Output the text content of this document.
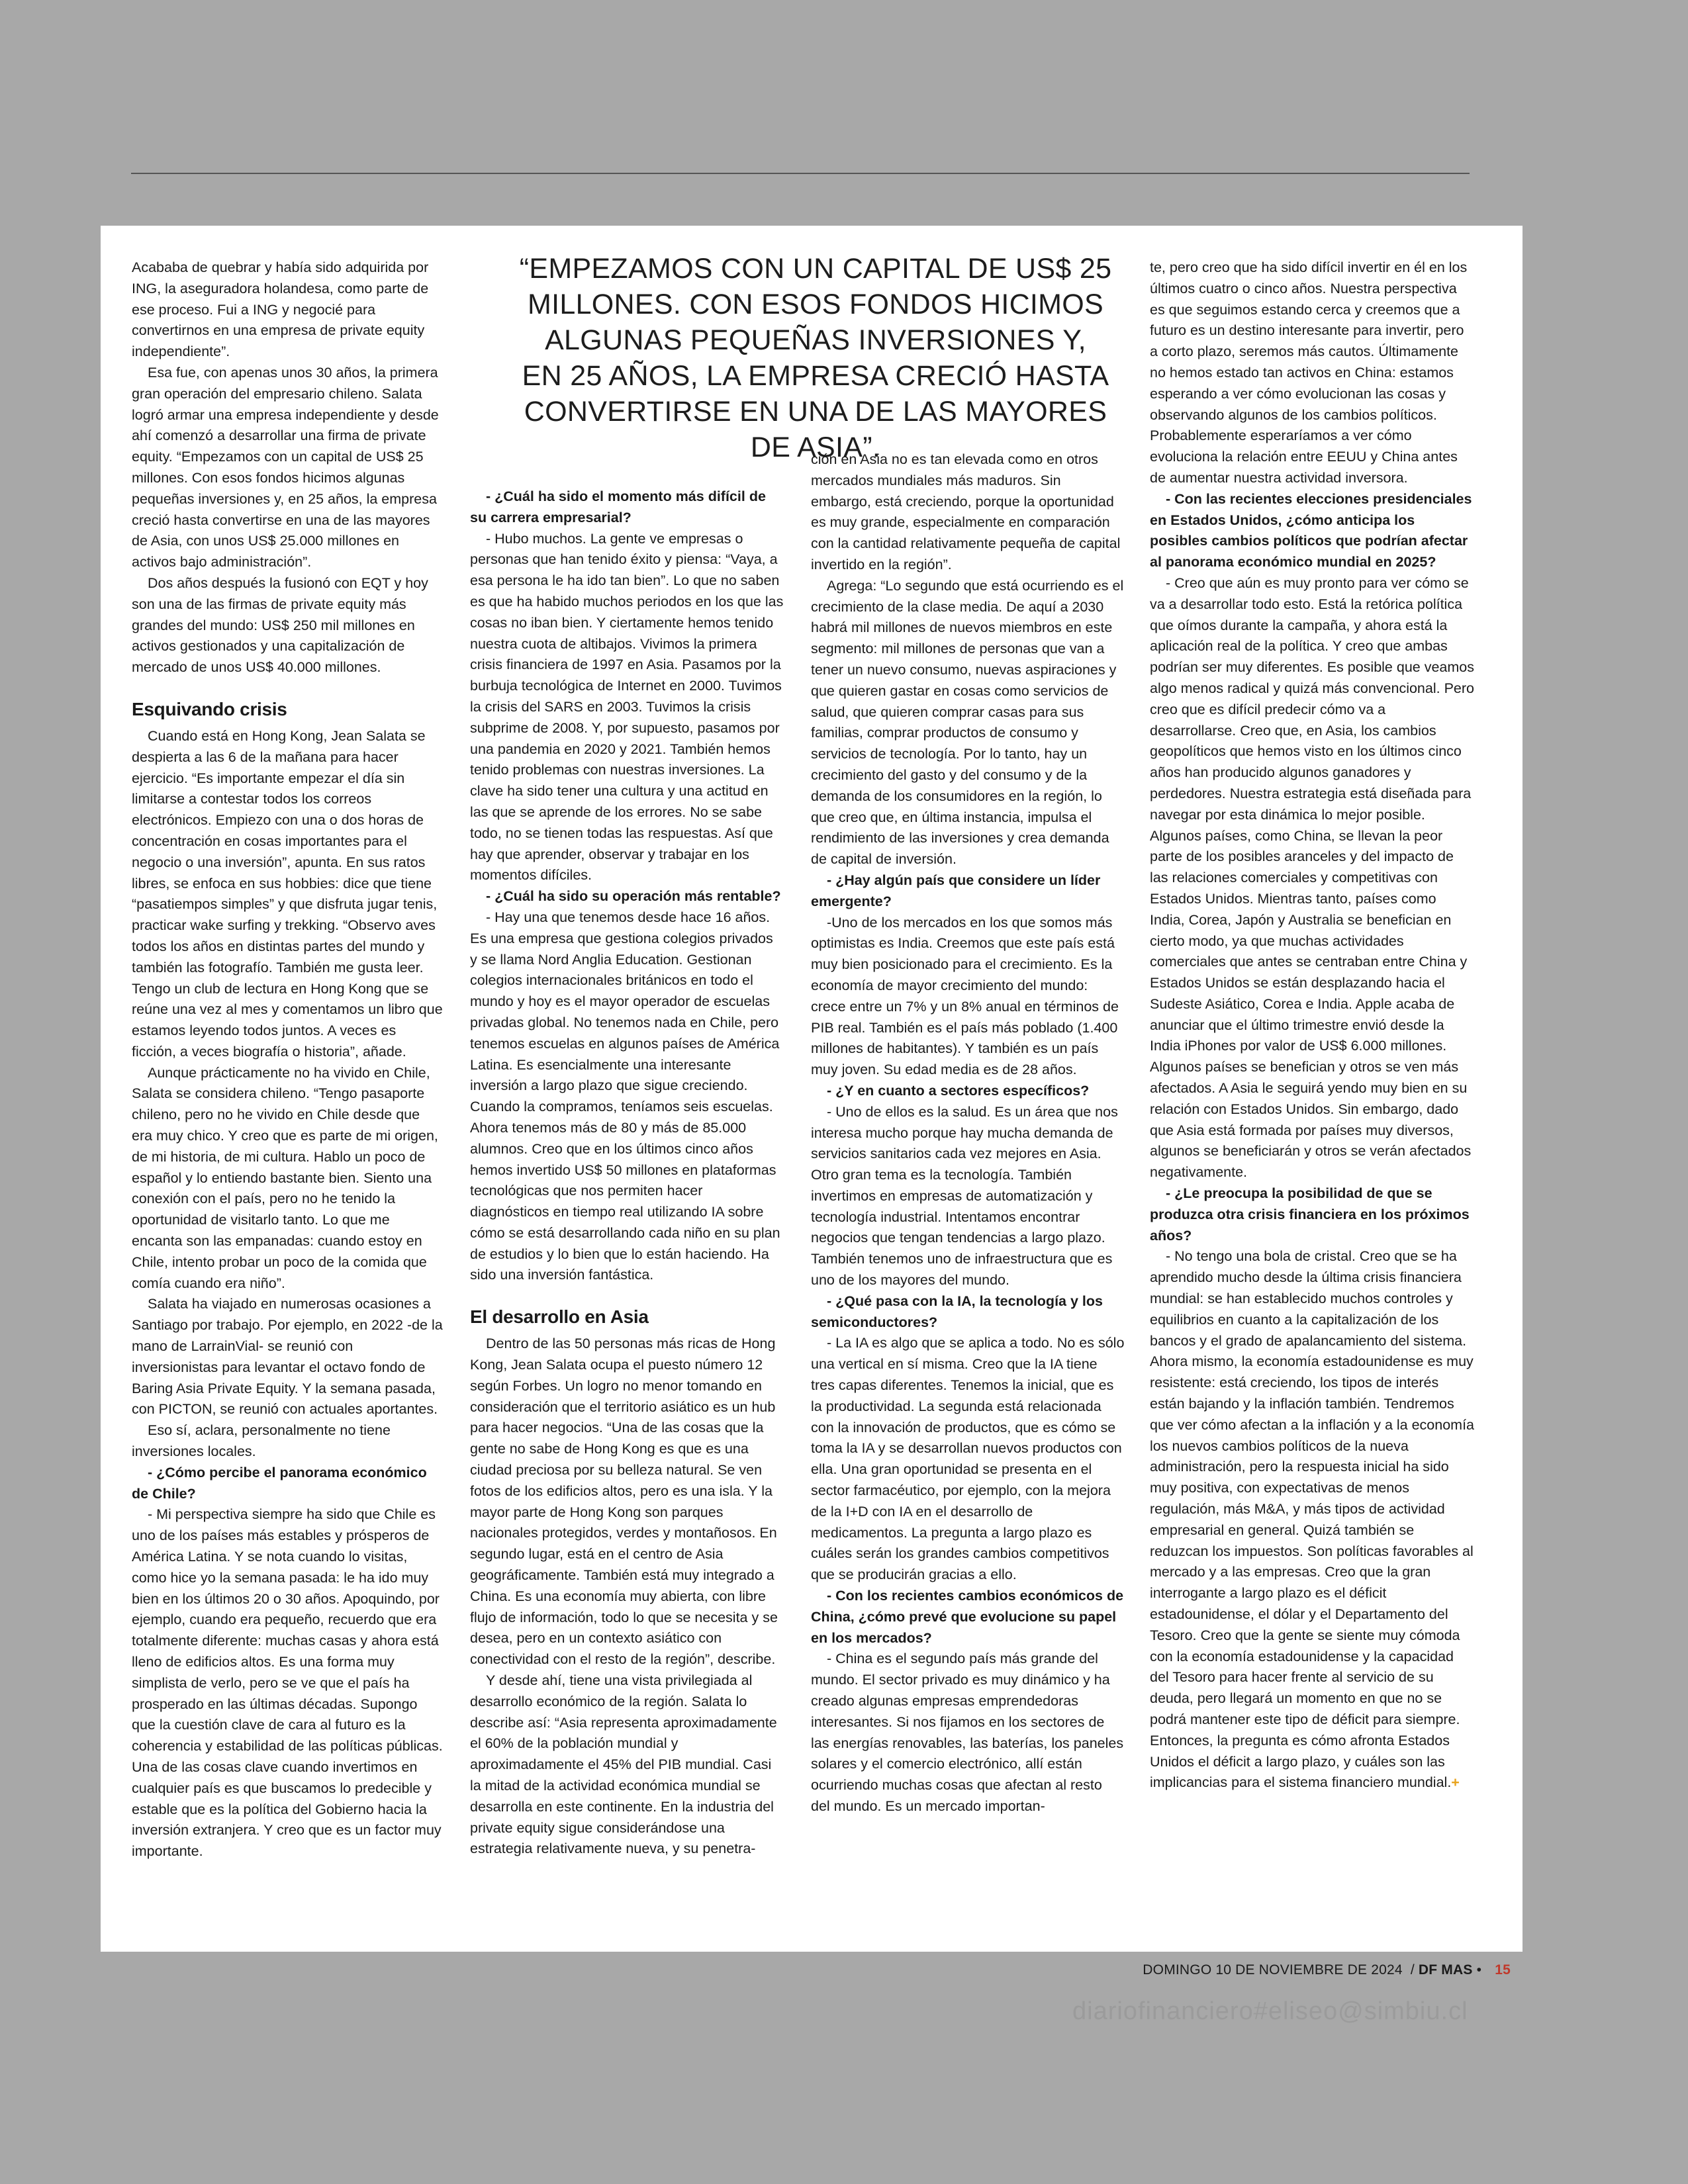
“EMPEZAMOS CON UN CAPITAL DE US$ 25
MILLONES. CON ESOS FONDOS HICIMOS
ALGUNAS PEQUEÑAS INVERSIONES Y,
EN 25 AÑOS, LA EMPRESA CRECIÓ HASTA
CONVERTIRSE EN UNA DE LAS MAYORES
DE ASIA”.

Acababa de quebrar y había sido adquirida por ING, la aseguradora holandesa, como parte de ese proceso. Fui a ING y negocié para convertirnos en una empresa de private equity independiente”.

Esa fue, con apenas unos 30 años, la primera gran operación del empresario chileno. Salata logró armar una empresa independiente y desde ahí comenzó a desarrollar una firma de private equity. “Empezamos con un capital de US$ 25 millones. Con esos fondos hicimos algunas pequeñas inversiones y, en 25 años, la empresa creció hasta convertirse en una de las mayores de Asia, con unos US$ 25.000 millones en activos bajo administración”.

Dos años después la fusionó con EQT y hoy son una de las firmas de private equity más grandes del mundo: US$ 250 mil millones en activos gestionados y una capitalización de mercado de unos US$ 40.000 millones.

Esquivando crisis

Cuando está en Hong Kong, Jean Salata se despierta a las 6 de la mañana para hacer ejercicio. “Es importante empezar el día sin limitarse a contestar todos los correos electrónicos. Empiezo con una o dos horas de concentración en cosas importantes para el negocio o una inversión”, apunta. En sus ratos libres, se enfoca en sus hobbies: dice que tiene “pasatiempos simples” y que disfruta jugar tenis, practicar wake surfing y trekking. “Observo aves todos los años en distintas partes del mundo y también las fotografío. También me gusta leer. Tengo un club de lectura en Hong Kong que se reúne una vez al mes y comentamos un libro que estamos leyendo todos juntos. A veces es ficción, a veces biografía o historia”, añade.

Aunque prácticamente no ha vivido en Chile, Salata se considera chileno. “Tengo pasaporte chileno, pero no he vivido en Chile desde que era muy chico. Y creo que es parte de mi origen, de mi historia, de mi cultura. Hablo un poco de español y lo entiendo bastante bien. Siento una conexión con el país, pero no he tenido la oportunidad de visitarlo tanto. Lo que me encanta son las empanadas: cuando estoy en Chile, intento probar un poco de la comida que comía cuando era niño”.

Salata ha viajado en numerosas ocasiones a Santiago por trabajo. Por ejemplo, en 2022 -de la mano de LarrainVial- se reunió con inversionistas para levantar el octavo fondo de Baring Asia Private Equity. Y la semana pasada, con PICTON, se reunió con actuales aportantes.

Eso sí, aclara, personalmente no tiene inversiones locales.

- ¿Cómo percibe el panorama económico de Chile?

- Mi perspectiva siempre ha sido que Chile es uno de los países más estables y prósperos de América Latina. Y se nota cuando lo visitas, como hice yo la semana pasada: le ha ido muy bien en los últimos 20 o 30 años. Apoquindo, por ejemplo, cuando era pequeño, recuerdo que era totalmente diferente: muchas casas y ahora está lleno de edificios altos. Es una forma muy simplista de verlo, pero se ve que el país ha prosperado en las últimas décadas. Supongo que la cuestión clave de cara al futuro es la coherencia y estabilidad de las políticas públicas. Una de las cosas clave cuando invertimos en cualquier país es que buscamos lo predecible y estable que es la política del Gobierno hacia la inversión extranjera. Y creo que es un factor muy importante.

- ¿Cuál ha sido el momento más difícil de su carrera empresarial?

- Hubo muchos. La gente ve empresas o personas que han tenido éxito y piensa: “Vaya, a esa persona le ha ido tan bien”. Lo que no saben es que ha habido muchos periodos en los que las cosas no iban bien. Y ciertamente hemos tenido nuestra cuota de altibajos. Vivimos la primera crisis financiera de 1997 en Asia. Pasamos por la burbuja tecnológica de Internet en 2000. Tuvimos la crisis del SARS en 2003. Tuvimos la crisis subprime de 2008. Y, por supuesto, pasamos por una pandemia en 2020 y 2021. También hemos tenido problemas con nuestras inversiones. La clave ha sido tener una cultura y una actitud en las que se aprende de los errores. No se sabe todo, no se tienen todas las respuestas. Así que hay que aprender, observar y trabajar en los momentos difíciles.

- ¿Cuál ha sido su operación más rentable?

- Hay una que tenemos desde hace 16 años. Es una empresa que gestiona colegios privados y se llama Nord Anglia Education. Gestionan colegios internacionales británicos en todo el mundo y hoy es el mayor operador de escuelas privadas global. No tenemos nada en Chile, pero tenemos escuelas en algunos países de América Latina. Es esencialmente una interesante inversión a largo plazo que sigue creciendo. Cuando la compramos, teníamos seis escuelas. Ahora tenemos más de 80 y más de 85.000 alumnos. Creo que en los últimos cinco años hemos invertido US$ 50 millones en plataformas tecnológicas que nos permiten hacer diagnósticos en tiempo real utilizando IA sobre cómo se está desarrollando cada niño en su plan de estudios y lo bien que lo están haciendo. Ha sido una inversión fantástica.

El desarrollo en Asia

Dentro de las 50 personas más ricas de Hong Kong, Jean Salata ocupa el puesto número 12 según Forbes. Un logro no menor tomando en consideración que el territorio asiático es un hub para hacer negocios. “Una de las cosas que la gente no sabe de Hong Kong es que es una ciudad preciosa por su belleza natural. Se ven fotos de los edificios altos, pero es una isla. Y la mayor parte de Hong Kong son parques nacionales protegidos, verdes y montañosos. En segundo lugar, está en el centro de Asia geográficamente. También está muy integrado a China. Es una economía muy abierta, con libre flujo de información, todo lo que se necesita y se desea, pero en un contexto asiático con conectividad con el resto de la región”, describe.

Y desde ahí, tiene una vista privilegiada al desarrollo económico de la región. Salata lo describe así: “Asia representa aproximadamente el 60% de la población mundial y aproximadamente el 45% del PIB mundial. Casi la mitad de la actividad económica mundial se desarrolla en este continente. En la industria del private equity sigue considerándose una estrategia relativamente nueva, y su penetra-

ción en Asia no es tan elevada como en otros mercados mundiales más maduros. Sin embargo, está creciendo, porque la oportunidad es muy grande, especialmente en comparación con la cantidad relativamente pequeña de capital invertido en la región”.

Agrega: “Lo segundo que está ocurriendo es el crecimiento de la clase media. De aquí a 2030 habrá mil millones de nuevos miembros en este segmento: mil millones de personas que van a tener un nuevo consumo, nuevas aspiraciones y que quieren gastar en cosas como servicios de salud, que quieren comprar casas para sus familias, comprar productos de consumo y servicios de tecnología. Por lo tanto, hay un crecimiento del gasto y del consumo y de la demanda de los consumidores en la región, lo que creo que, en última instancia, impulsa el rendimiento de las inversiones y crea demanda de capital de inversión.

- ¿Hay algún país que considere un líder emergente?

-Uno de los mercados en los que somos más optimistas es India. Creemos que este país está muy bien posicionado para el crecimiento. Es la economía de mayor crecimiento del mundo: crece entre un 7% y un 8% anual en términos de PIB real. También es el país más poblado (1.400 millones de habitantes). Y también es un país muy joven. Su edad media es de 28 años.

- ¿Y en cuanto a sectores específicos?

- Uno de ellos es la salud. Es un área que nos interesa mucho porque hay mucha demanda de servicios sanitarios cada vez mejores en Asia. Otro gran tema es la tecnología. También invertimos en empresas de automatización y tecnología industrial. Intentamos encontrar negocios que tengan tendencias a largo plazo. También tenemos uno de infraestructura que es uno de los mayores del mundo.

- ¿Qué pasa con la IA, la tecnología y los semiconductores?

- La IA es algo que se aplica a todo. No es sólo una vertical en sí misma. Creo que la IA tiene tres capas diferentes. Tenemos la inicial, que es la productividad. La segunda está relacionada con la innovación de productos, que es cómo se toma la IA y se desarrollan nuevos productos con ella. Una gran oportunidad se presenta en el sector farmacéutico, por ejemplo, con la mejora de la I+D con IA en el desarrollo de medicamentos. La pregunta a largo plazo es cuáles serán los grandes cambios competitivos que se producirán gracias a ello.

- Con los recientes cambios económicos de China, ¿cómo prevé que evolucione su papel en los mercados?

- China es el segundo país más grande del mundo. El sector privado es muy dinámico y ha creado algunas empresas emprendedoras interesantes. Si nos fijamos en los sectores de las energías renovables, las baterías, los paneles solares y el comercio electrónico, allí están ocurriendo muchas cosas que afectan al resto del mundo. Es un mercado importan-

te, pero creo que ha sido difícil invertir en él en los últimos cuatro o cinco años. Nuestra perspectiva es que seguimos estando cerca y creemos que a futuro es un destino interesante para invertir, pero a corto plazo, seremos más cautos. Últimamente no hemos estado tan activos en China: estamos esperando a ver cómo evolucionan las cosas y observando algunos de los cambios políticos. Probablemente esperaríamos a ver cómo evoluciona la relación entre EEUU y China antes de aumentar nuestra actividad inversora.

- Con las recientes elecciones presidenciales en Estados Unidos, ¿cómo anticipa los posibles cambios políticos que podrían afectar al panorama económico mundial en 2025?

- Creo que aún es muy pronto para ver cómo se va a desarrollar todo esto. Está la retórica política que oímos durante la campaña, y ahora está la aplicación real de la política. Y creo que ambas podrían ser muy diferentes. Es posible que veamos algo menos radical y quizá más convencional. Pero creo que es difícil predecir cómo va a desarrollarse. Creo que, en Asia, los cambios geopolíticos que hemos visto en los últimos cinco años han producido algunos ganadores y perdedores. Nuestra estrategia está diseñada para navegar por esta dinámica lo mejor posible. Algunos países, como China, se llevan la peor parte de los posibles aranceles y del impacto de las relaciones comerciales y competitivas con Estados Unidos. Mientras tanto, países como India, Corea, Japón y Australia se benefician en cierto modo, ya que muchas actividades comerciales que antes se centraban entre China y Estados Unidos se están desplazando hacia el Sudeste Asiático, Corea e India. Apple acaba de anunciar que el último trimestre envió desde la India iPhones por valor de US$ 6.000 millones. Algunos países se benefician y otros se ven más afectados. A Asia le seguirá yendo muy bien en su relación con Estados Unidos. Sin embargo, dado que Asia está formada por países muy diversos, algunos se beneficiarán y otros se verán afectados negativamente.

- ¿Le preocupa la posibilidad de que se produzca otra crisis financiera en los próximos años?

- No tengo una bola de cristal. Creo que se ha aprendido mucho desde la última crisis financiera mundial: se han establecido muchos controles y equilibrios en cuanto a la capitalización de los bancos y el grado de apalancamiento del sistema. Ahora mismo, la economía estadounidense es muy resistente: está creciendo, los tipos de interés están bajando y la inflación también. Tendremos que ver cómo afectan a la inflación y a la economía los nuevos cambios políticos de la nueva administración, pero la respuesta inicial ha sido muy positiva, con expectativas de menos regulación, más M&A, y más tipos de actividad empresarial en general. Quizá también se reduzcan los impuestos. Son políticas favorables al mercado y a las empresas. Creo que la gran interrogante a largo plazo es el déficit estadounidense, el dólar y el Departamento del Tesoro. Creo que la gente se siente muy cómoda con la economía estadounidense y la capacidad del Tesoro para hacer frente al servicio de su deuda, pero llegará un momento en que no se podrá mantener este tipo de déficit para siempre. Entonces, la pregunta es cómo afronta Estados Unidos el déficit a largo plazo, y cuáles son las implicancias para el sistema financiero mundial.+

DOMINGO 10 DE NOVIEMBRE DE 2024 / DF MAS • 15
diariofinanciero#eliseo@simbiu.cl
